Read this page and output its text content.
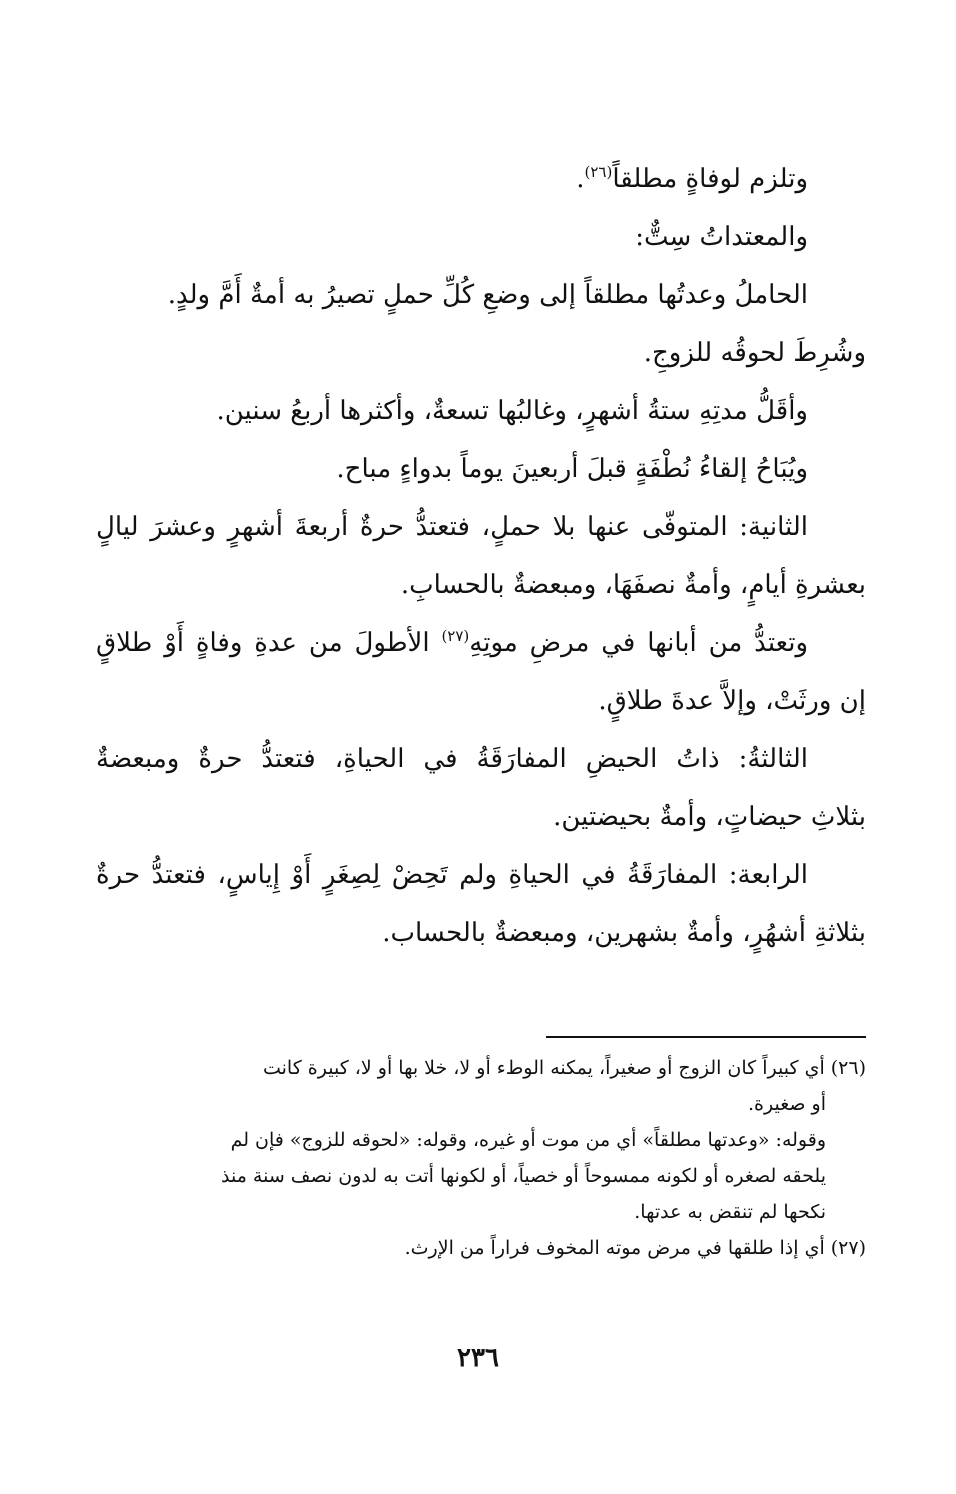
وتلزم لوفاةٍ مطلقاً$^{(٢٦)}$.
والمعتداتُ سِتٌّ:
الحاملُ وعدتُها مطلقاً إلى وضعِ كُلِّ حملٍ تصيرُ به أمةٌ أَمَّ ولدٍ.
وشُرِطَ لحوقُه للزوجِ.
وأقَلُّ مدتِهِ ستةُ أشهرٍ، وغالبُها تسعةٌ، وأكثرها أربعُ سنين.
ويُبَاحُ إلقاءُ نُطْفَةٍ قبلَ أربعينَ يوماً بدواءٍ مباح.
الثانية: المتوفّى عنها بلا حملٍ، فتعتدُّ حرةٌ أربعةَ أشهرٍ وعشرَ ليالٍ
بعشرةِ أيامٍ، وأمةٌ نصفَهَا، ومبعضةٌ بالحسابِ.
وتعتدُّ من أبانها في مرضِ موتِهِ$^{(٢٧)}$ الأطولَ من عدةِ وفاةٍ أَوْ طلاقٍ
إن ورثَتْ، وإلاَّ عدةَ طلاقٍ.
الثالثةُ: ذاتُ الحيضِ المفارَقَةُ في الحياةِ، فتعتدُّ حرةٌ ومبعضةٌ
بثلاثِ حيضاتٍ، وأمةٌ بحيضتين.
الرابعة: المفارَقَةُ في الحياةِ ولم تَحِضْ لِصِغَرٍ أَوْ إِياسٍ، فتعتدُّ حرةٌ
بثلاثةِ أشهُرٍ، وأمةٌ بشهرين، ومبعضةٌ بالحساب.
(٢٦)أي كبيراً كان الزوج أو صغيراً، يمكنه الوطء أو لا، خلا بها أو لا، كبيرة كانت
أو صغيرة.
وقوله: «وعدتها مطلقاً» أي من موت أو غيره، وقوله: «لحوقه للزوج» فإن لم
يلحقه لصغره أو لكونه ممسوحاً أو خصياً، أو لكونها أتت به لدون نصف سنة منذ
نكحها لم تنقض به عدتها.
(٢٧)أي إذا طلقها في مرض موته المخوف فراراً من الإرث.
٢٣٦
